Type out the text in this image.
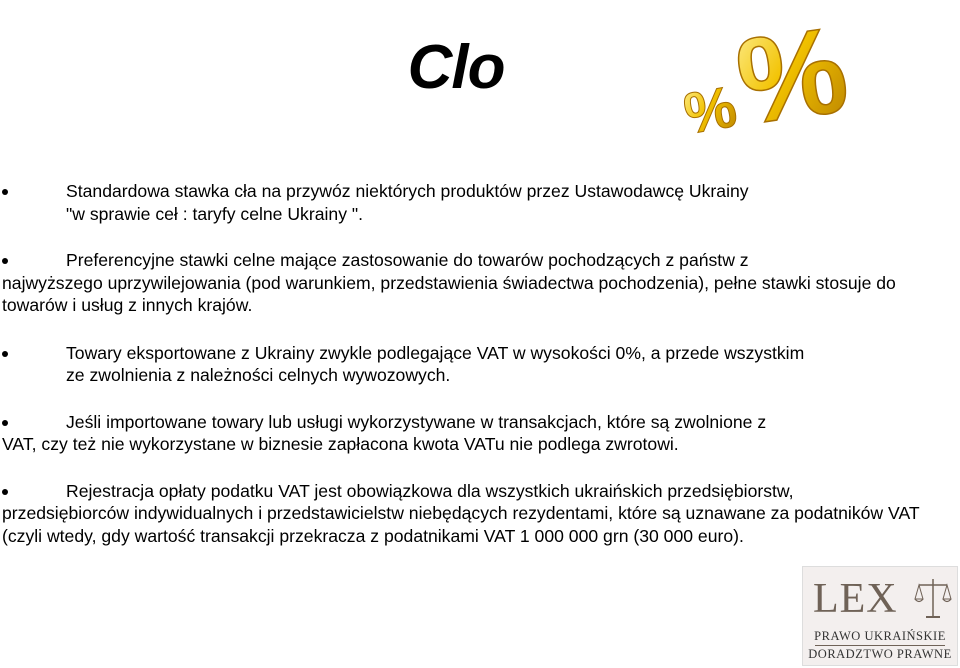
Clo	%
%
Standardowa stawka cła na przywóz niektórych produktów przez Ustawodawcę Ukrainy
"w sprawie ceł : taryfy celne Ukrainy ".
Preferencyjne stawki celne mające zastosowanie do towarów pochodzących z państw z
najwyższego uprzywilejowania (pod warunkiem, przedstawienia świadectwa pochodzenia), pełne stawki stosuje do towarów i usług z innych krajów.
Towary eksportowane z Ukrainy zwykle podlegające VAT w wysokości 0%, a przede wszystkim
ze zwolnienia z należności celnych wywozowych.
Jeśli importowane towary lub usługi wykorzystywane w transakcjach, które są zwolnione z
VAT, czy też nie wykorzystane w biznesie zapłacona kwota VATu nie podlega zwrotowi.
Rejestracja opłaty podatku VAT jest obowiązkowa dla wszystkich ukraińskich przedsiębiorstw,
przedsiębiorców indywidualnych i przedstawicielstw niebędących rezydentami, które są uznawane za podatników VAT (czyli wtedy, gdy wartość transakcji przekracza z podatnikami VAT 1 000 000 grn (30 000 euro).
LEX
PRAWO UKRAIŃSKIE
DORADZTWO PRAWNE
